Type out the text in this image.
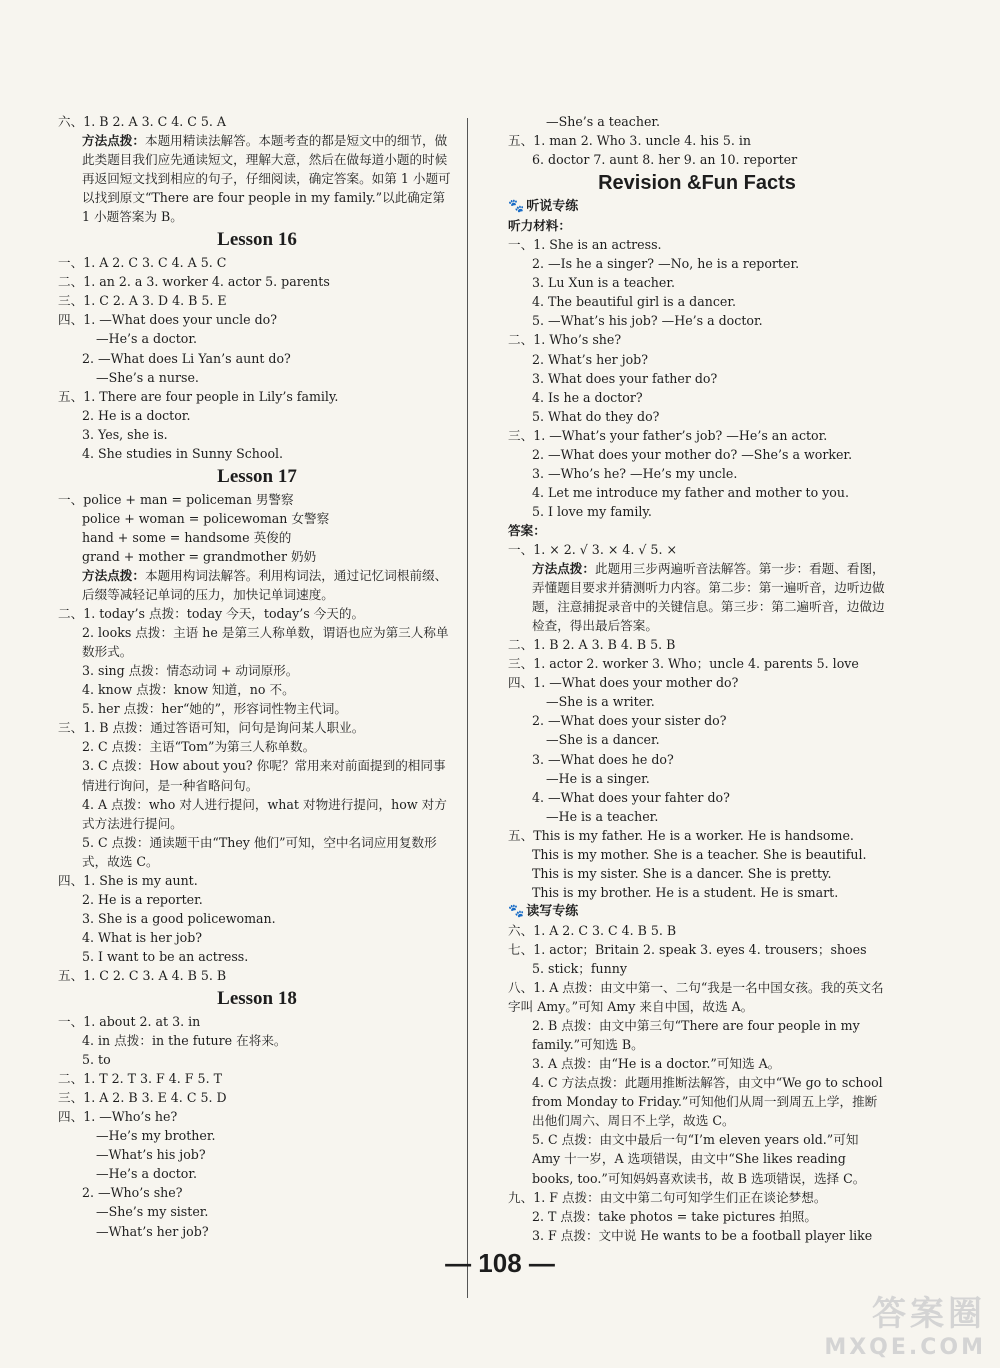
六、1. B 2. A 3. C 4. C 5. A
方法点拨：本题用精读法解答。本题考查的都是短文中的细节，做此类题目我们应先通读短文，理解大意，然后在做每道小题的时候再返回短文找到相应的句子，仔细阅读，确定答案。如第 1 小题可以找到原文“There are four people in my family.”以此确定第 1 小题答案为 B。
Lesson 16
一、1. A 2. C 3. C 4. A 5. C
二、1. an 2. a 3. worker 4. actor 5. parents
三、1. C 2. A 3. D 4. B 5. E
四、1. —What does your uncle do?
—He’s a doctor.
2. —What does Li Yan’s aunt do?
—She’s a nurse.
五、1. There are four people in Lily’s family.
2. He is a doctor.
3. Yes, she is.
4. She studies in Sunny School.
Lesson 17
一、police + man = policeman 男警察
police + woman = policewoman 女警察
hand + some = handsome 英俊的
grand + mother = grandmother 奶奶
方法点拨：本题用构词法解答。利用构词法，通过记忆词根前缀、后缀等减轻记单词的压力，加快记单词速度。
二、1. today’s 点拨：today 今天，today’s 今天的。
2. looks 点拨：主语 he 是第三人称单数，谓语也应为第三人称单数形式。
3. sing 点拨：情态动词 + 动词原形。
4. know 点拨：know 知道，no 不。
5. her 点拨：her“她的”，形容词性物主代词。
三、1. B 点拨：通过答语可知，问句是询问某人职业。
2. C 点拨：主语“Tom”为第三人称单数。
3. C 点拨：How about you? 你呢？常用来对前面提到的相同事情进行询问，是一种省略问句。
4. A 点拨：who 对人进行提问，what 对物进行提问，how 对方式方法进行提问。
5. C 点拨：通读题干由“They 他们”可知，空中名词应用复数形式，故选 C。
四、1. She is my aunt.
2. He is a reporter.
3. She is a good policewoman.
4. What is her job?
5. I want to be an actress.
五、1. C 2. C 3. A 4. B 5. B
Lesson 18
一、1. about 2. at 3. in
4. in 点拨：in the future 在将来。
5. to
二、1. T 2. T 3. F 4. F 5. T
三、1. A 2. B 3. E 4. C 5. D
四、1. —Who’s he?
—He’s my brother.
—What’s his job?
—He’s a doctor.
2. —Who’s she?
—She’s my sister.
—What’s her job?
—She’s a teacher.
五、1. man 2. Who 3. uncle 4. his 5. in
6. doctor 7. aunt 8. her 9. an 10. reporter
Revision &Fun Facts
🐾 听说专练
听力材料：
一、1. She is an actress.
2. —Is he a singer? —No, he is a reporter.
3. Lu Xun is a teacher.
4. The beautiful girl is a dancer.
5. —What’s his job? —He’s a doctor.
二、1. Who’s she?
2. What’s her job?
3. What does your father do?
4. Is he a doctor?
5. What do they do?
三、1. —What’s your father’s job? —He’s an actor.
2. —What does your mother do? —She’s a worker.
3. —Who’s he? —He’s my uncle.
4. Let me introduce my father and mother to you.
5. I love my family.
答案：
一、1. × 2. √ 3. × 4. √ 5. ×
方法点拨：此题用三步两遍听音法解答。第一步：看题、看图，弄懂题目要求并猜测听力内容。第二步：第一遍听音，边听边做题，注意捕捉录音中的关键信息。第三步：第二遍听音，边做边检查，得出最后答案。
二、1. B 2. A 3. B 4. B 5. B
三、1. actor 2. worker 3. Who；uncle 4. parents 5. love
四、1. —What does your mother do?
—She is a writer.
2. —What does your sister do?
—She is a dancer.
3. —What does he do?
—He is a singer.
4. —What does your fahter do?
—He is a teacher.
五、This is my father. He is a worker. He is handsome.
This is my mother. She is a teacher. She is beautiful.
This is my sister. She is a dancer. She is pretty.
This is my brother. He is a student. He is smart.
🐾 读写专练
六、1. A 2. C 3. C 4. B 5. B
七、1. actor；Britain 2. speak 3. eyes 4. trousers；shoes
5. stick；funny
八、1. A 点拨：由文中第一、二句“我是一名中国女孩。我的英文名字叫 Amy。”可知 Amy 来自中国，故选 A。
2. B 点拨：由文中第三句“There are four people in my family.”可知选 B。
3. A 点拨：由“He is a doctor.”可知选 A。
4. C 方法点拨：此题用推断法解答，由文中“We go to school from Monday to Friday.”可知他们从周一到周五上学，推断出他们周六、周日不上学，故选 C。
5. C 点拨：由文中最后一句“I’m eleven years old.”可知 Amy 十一岁，A 选项错误，由文中“She likes reading books, too.”可知妈妈喜欢读书，故 B 选项错误，选择 C。
九、1. F 点拨：由文中第二句可知学生们正在谈论梦想。
2. T 点拨：take photos = take pictures 拍照。
3. F 点拨：文中说 He wants to be a football player like
— 108 —
答案圈
MXQE.COM
